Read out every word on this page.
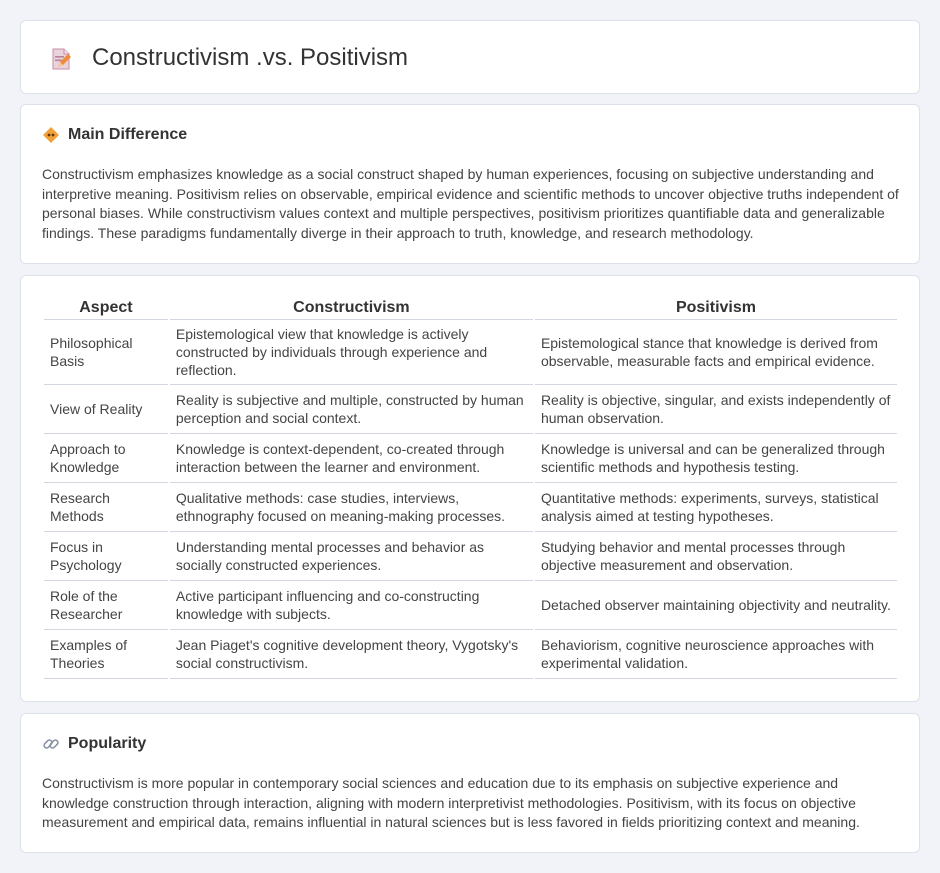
Constructivism .vs. Positivism
Main Difference

Constructivism emphasizes knowledge as a social construct shaped by human experiences, focusing on subjective understanding and interpretive meaning. Positivism relies on observable, empirical evidence and scientific methods to uncover objective truths independent of personal biases. While constructivism values context and multiple perspectives, positivism prioritizes quantifiable data and generalizable findings. These paradigms fundamentally diverge in their approach to truth, knowledge, and research methodology.

Aspect	Constructivism	Positivism
Philosophical Basis	Epistemological view that knowledge is actively constructed by individuals through experience and reflection.	Epistemological stance that knowledge is derived from observable, measurable facts and empirical evidence.
View of Reality	Reality is subjective and multiple, constructed by human perception and social context.	Reality is objective, singular, and exists independently of human observation.
Approach to Knowledge	Knowledge is context-dependent, co-created through interaction between the learner and environment.	Knowledge is universal and can be generalized through scientific methods and hypothesis testing.
Research Methods	Qualitative methods: case studies, interviews, ethnography focused on meaning-making processes.	Quantitative methods: experiments, surveys, statistical analysis aimed at testing hypotheses.
Focus in Psychology	Understanding mental processes and behavior as socially constructed experiences.	Studying behavior and mental processes through objective measurement and observation.
Role of the Researcher	Active participant influencing and co-constructing knowledge with subjects.	Detached observer maintaining objectivity and neutrality.
Examples of Theories	Jean Piaget's cognitive development theory, Vygotsky's social constructivism.	Behaviorism, cognitive neuroscience approaches with experimental validation.
Popularity

Constructivism is more popular in contemporary social sciences and education due to its emphasis on subjective experience and knowledge construction through interaction, aligning with modern interpretivist methodologies. Positivism, with its focus on objective measurement and empirical data, remains influential in natural sciences but is less favored in fields prioritizing context and meaning.
